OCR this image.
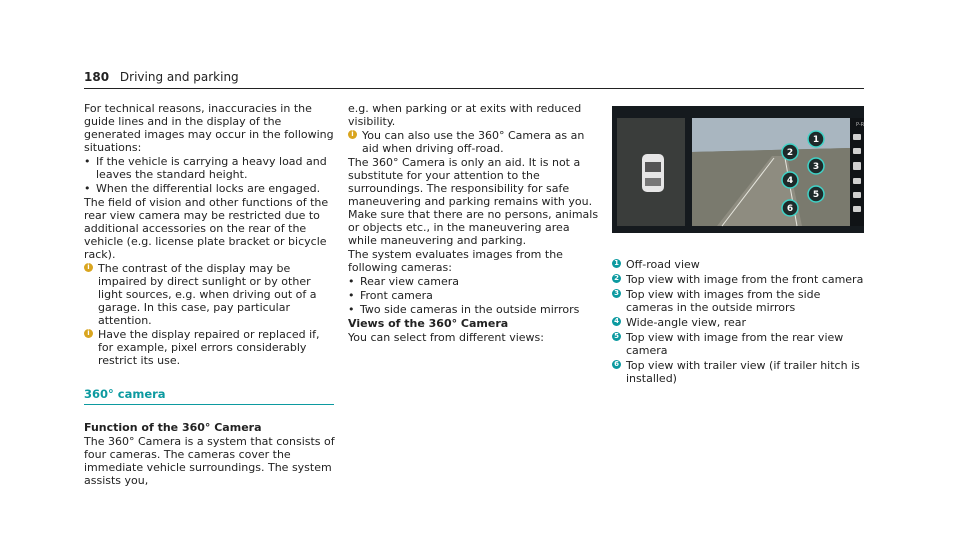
180 Driving and parking

For technical reasons, inaccuracies in the guide lines and in the display of the generated images may occur in the following situations:

• If the vehicle is carrying a heavy load and leaves the standard height.

• When the differential locks are engaged.

The field of vision and other functions of the rear view camera may be restricted due to additional accessories on the rear of the vehicle (e.g. license plate bracket or bicycle rack).

i The contrast of the display may be impaired by direct sunlight or by other light sources, e.g. when driving out of a garage. In this case, pay particular attention.

i Have the display repaired or replaced if, for example, pixel errors considerably restrict its use.

360° camera

Function of the 360° Camera

The 360° Camera is a system that consists of four cameras. The cameras cover the immediate vehicle surroundings. The system assists you,

e.g. when parking or at exits with reduced visibility.

i You can also use the 360° Camera as an aid when driving off-road.

The 360° Camera is only an aid. It is not a substitute for your attention to the surroundings. The responsibility for safe maneuvering and parking remains with you. Make sure that there are no persons, animals or objects etc., in the maneuvering area while maneuvering and parking.

The system evaluates images from the following cameras:

• Rear view camera

• Front camera

• Two side cameras in the outside mirrors

Views of the 360° Camera

You can select from different views:

P-R
1
2
3
4
5
6
1 Off-road view
2 Top view with image from the front camera
3 Top view with images from the side cameras in the outside mirrors
4 Wide-angle view, rear
5 Top view with image from the rear view camera
6 Top view with trailer view (if trailer hitch is installed)
